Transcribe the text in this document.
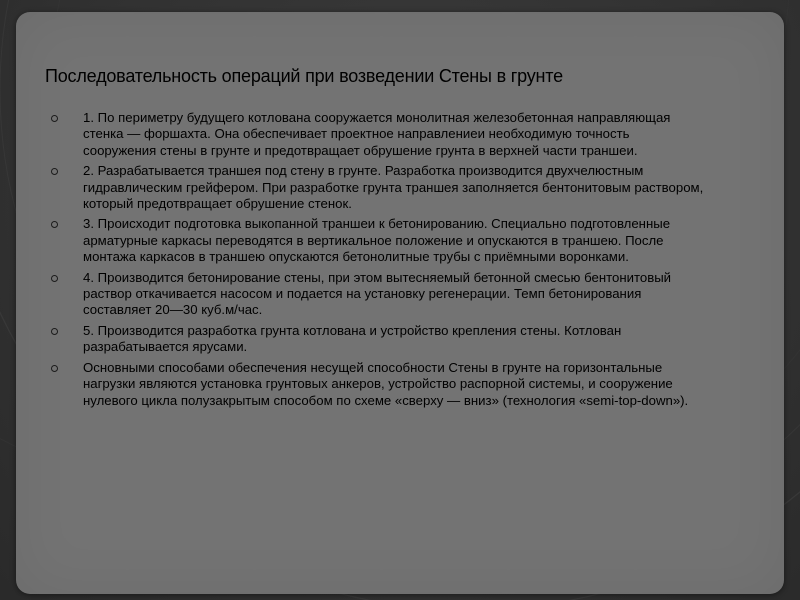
Последовательность операций при возведении Стены в грунте
1. По периметру будущего котлована сооружается монолитная железобетонная направляющая стенка — форшахта. Она обеспечивает проектное направлениеи необходимую точность сооружения стены в грунте и предотвращает обрушение грунта в верхней части траншеи.
2. Разрабатывается траншея под стену в грунте. Разработка производится двухчелюстным гидравлическим грейфером. При разработке грунта траншея заполняется бентонитовым раствором, который предотвращает обрушение стенок.
3. Происходит подготовка выкопанной траншеи к бетонированию. Специально подготовленные арматурные каркасы переводятся в вертикальное положение и опускаются в траншею. После монтажа каркасов в траншею опускаются бетонолитные трубы с приёмными воронками.
4. Производится бетонирование стены, при этом вытесняемый бетонной смесью бентонитовый раствор откачивается насосом и подается на установку регенерации. Темп бетонирования составляет 20—30 куб.м/час.
5. Производится разработка грунта котлована и устройство крепления стены. Котлован разрабатывается ярусами.
Основными способами обеспечения несущей способности Стены в грунте на горизонтальные нагрузки являются установка грунтовых анкеров, устройство распорной системы, и сооружение нулевого цикла полузакрытым способом по схеме «сверху — вниз» (технология «semi-top-down»).
